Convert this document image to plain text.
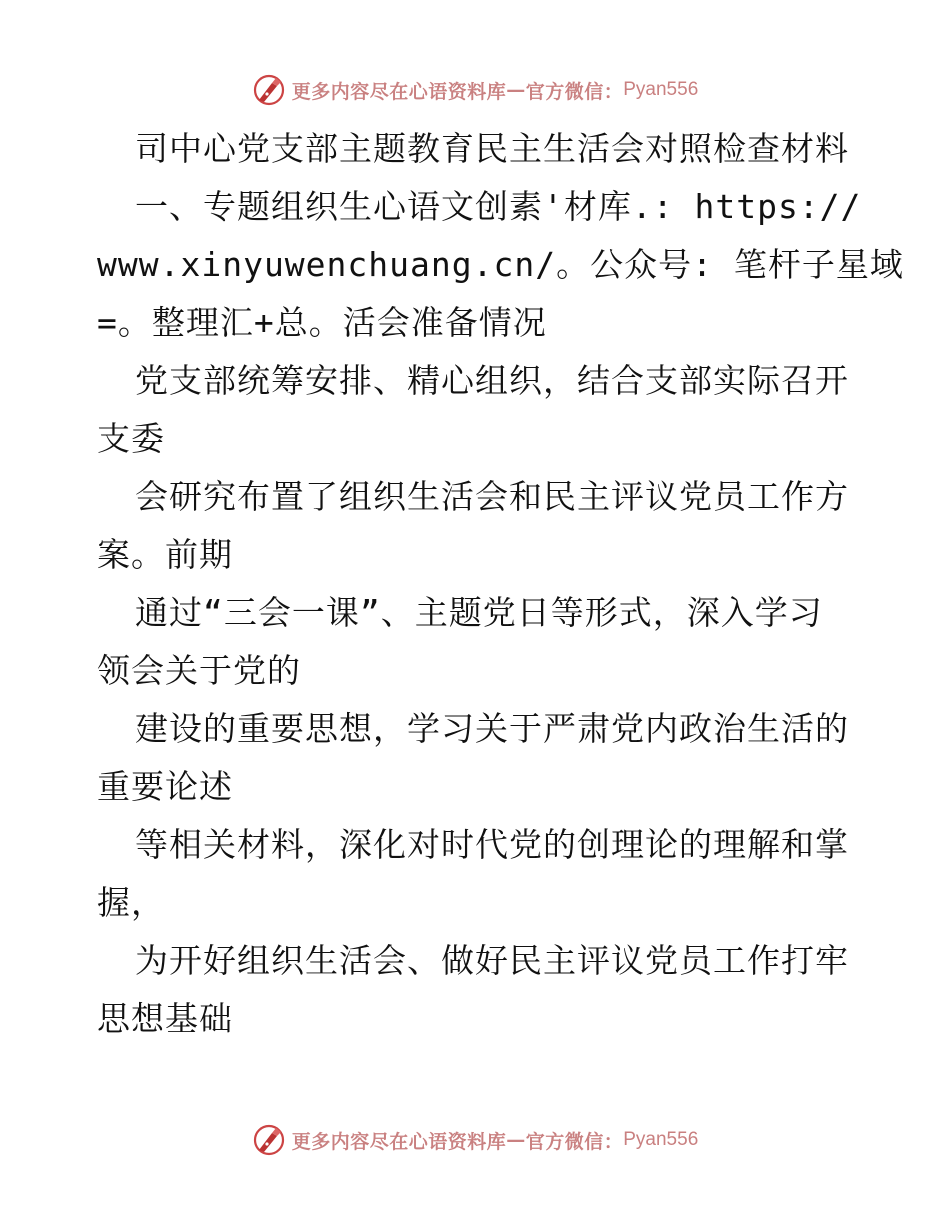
更多内容尽在心语资料库 — 官方微信： Pyan556
司中心党支部主题教育民主生活会对照检查材料
一、专题组织生心语文创素'材库.: https://
www.xinyuwenchuang.cn/。公众号: 笔杆子星域
=。整理汇+总。活会准备情况
党支部统筹安排、精心组织，结合支部实际召开
支委
会研究布置了组织生活会和民主评议党员工作方
案。前期
通过“三会一课”、主题党日等形式，深入学习
领会关于党的
建设的重要思想，学习关于严肃党内政治生活的
重要论述
等相关材料，深化对时代党的创理论的理解和掌
握，
为开好组织生活会、做好民主评议党员工作打牢
思想基础
更多内容尽在心语资料库 — 官方微信： Pyan556
